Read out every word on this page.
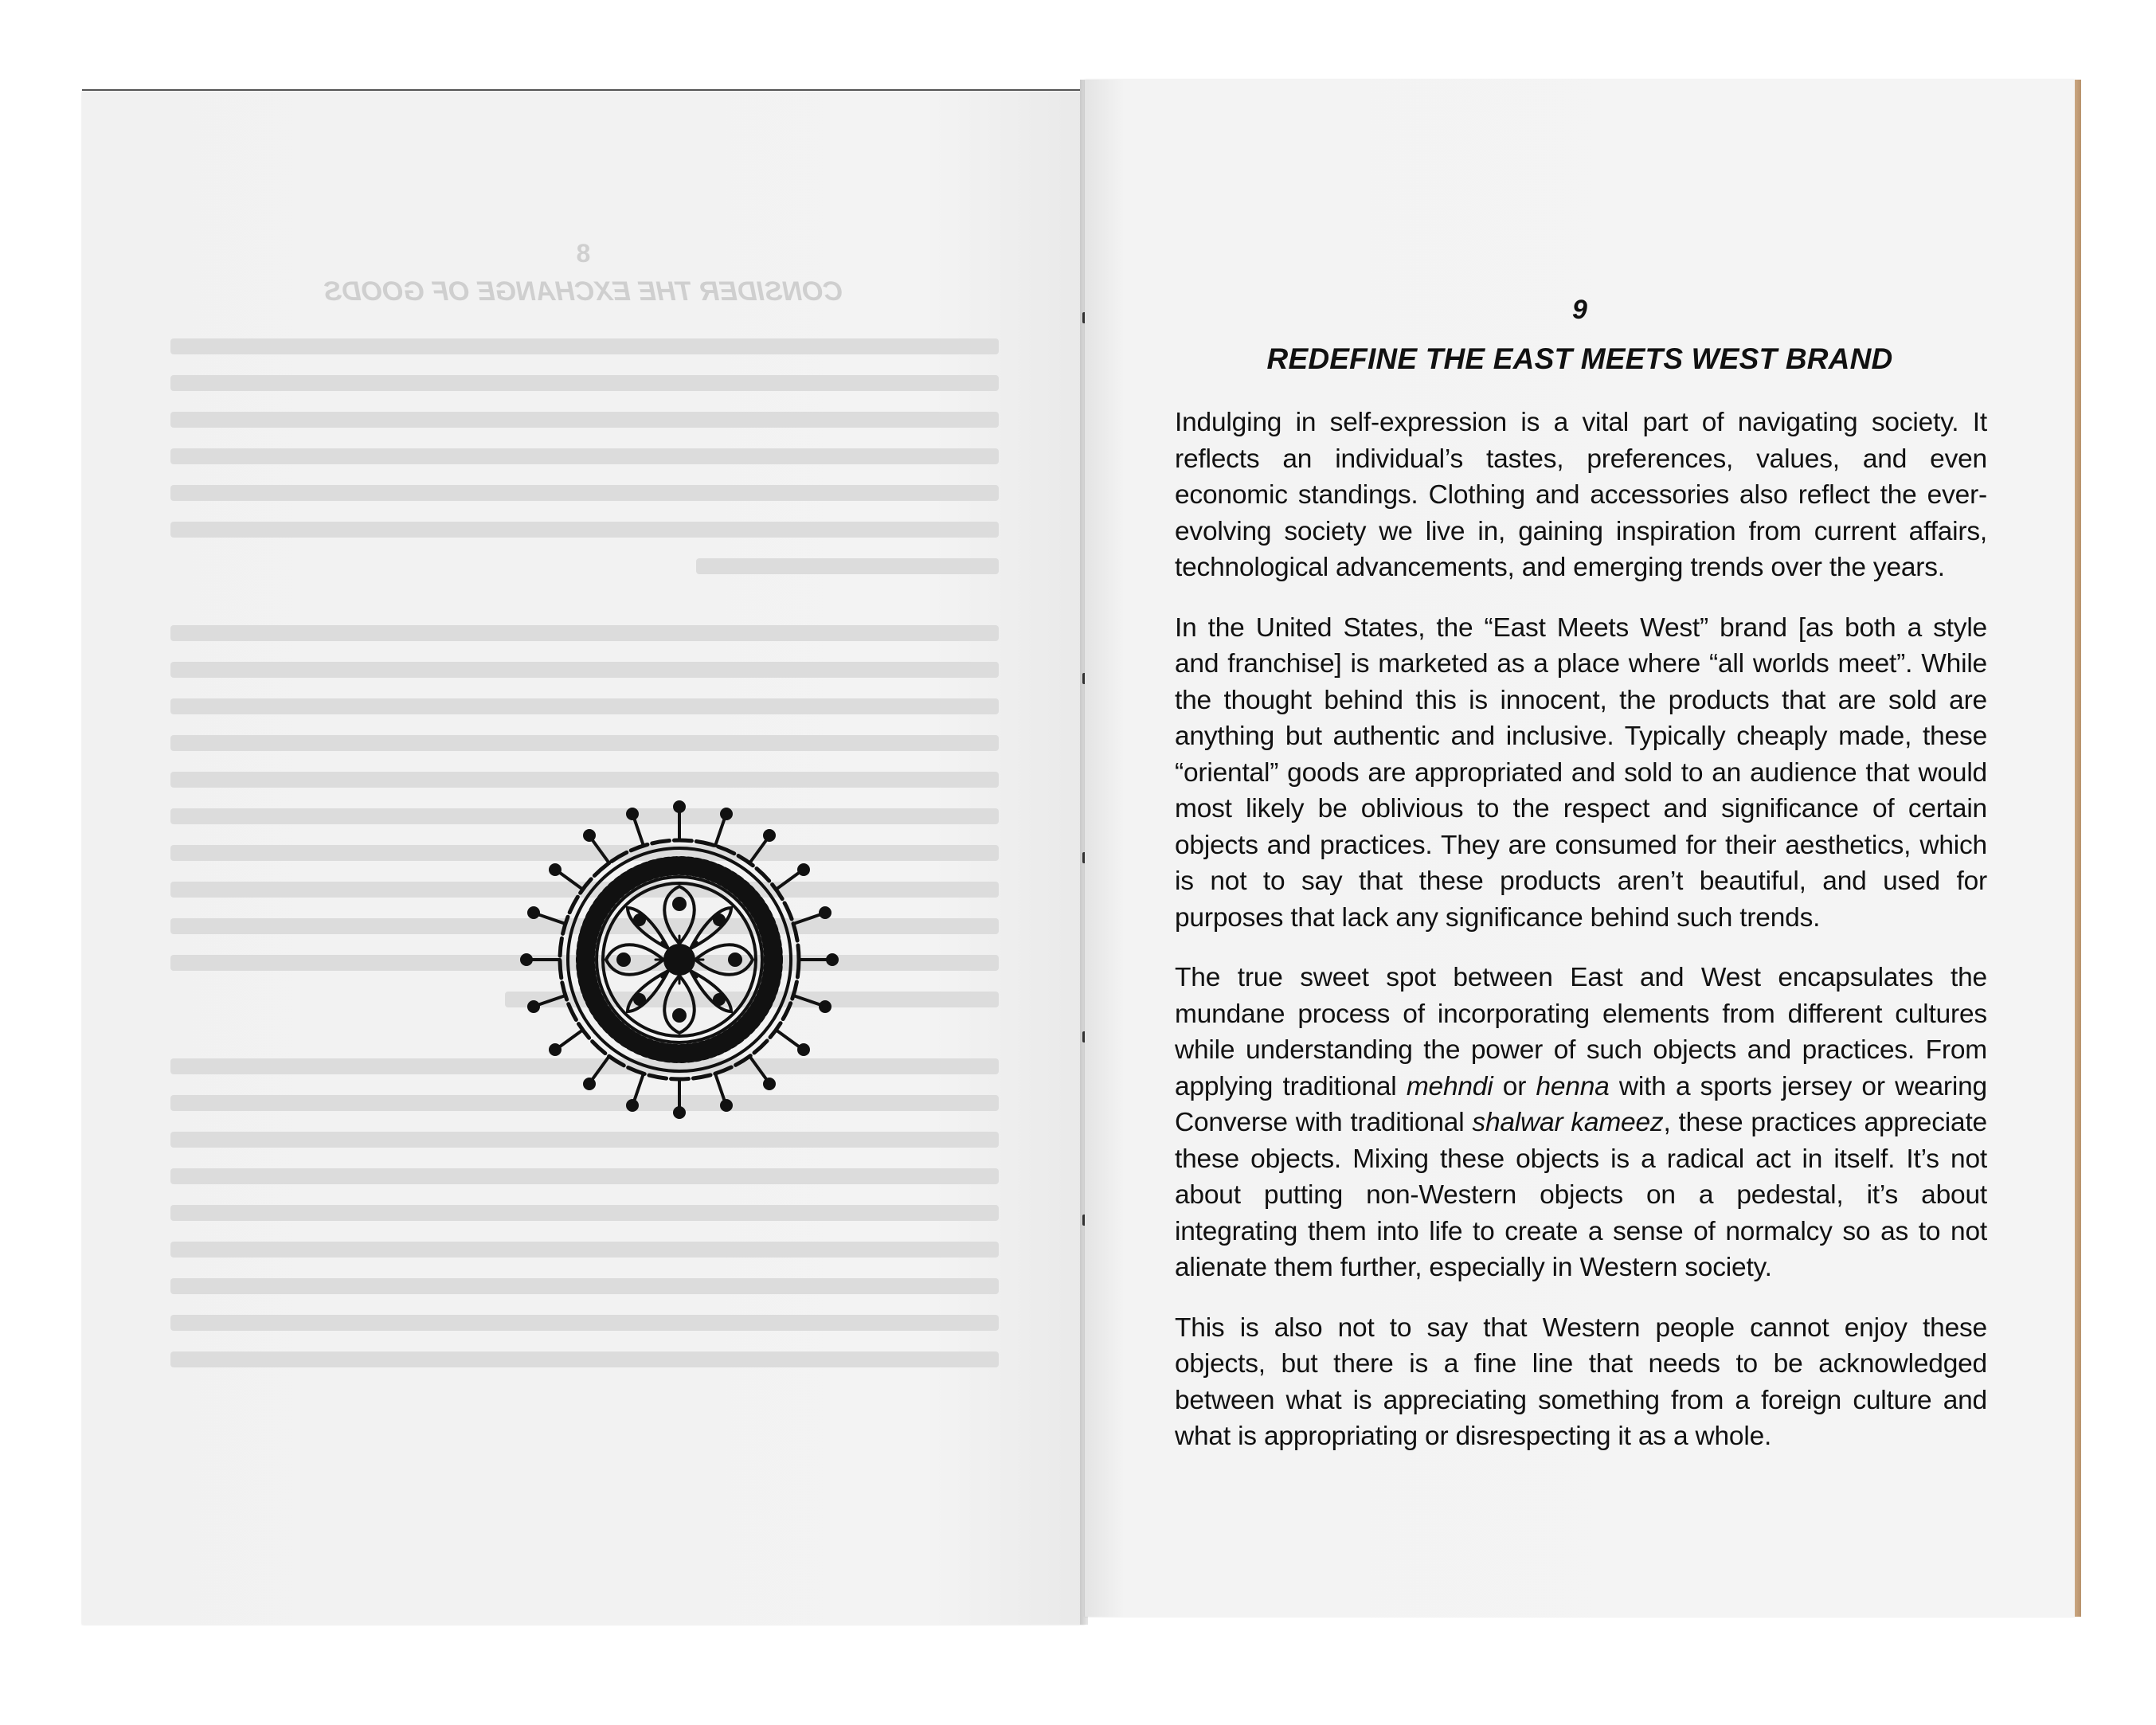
8
CONSIDER THE EXCHANGE OF GOODS
9
REDEFINE THE EAST MEETS WEST BRAND

Indulging in self-expression is a vital part of navigating society. It reflects an individual’s tastes, preferences, values, and even economic standings. Clothing and accessories also reflect the ever-evolving society we live in, gaining inspiration from current affairs, technological advancements, and emerging trends over the years.

In the United States, the “East Meets West” brand [as both a style and franchise] is marketed as a place where “all worlds meet”. While the thought behind this is innocent, the products that are sold are anything but authentic and inclusive. Typically cheaply made, these “oriental” goods are appropriated and sold to an audience that would most likely be oblivious to the respect and significance of certain objects and practices. They are consumed for their aesthetics, which is not to say that these products aren’t beautiful, and used for purposes that lack any significance behind such trends.

The true sweet spot between East and West encapsulates the mundane process of incorporating elements from different cultures while understanding the power of such objects and practices. From applying traditional mehndi or henna with a sports jersey or wearing Converse with traditional shalwar kameez, these practices appreciate these objects. Mixing these objects is a radical act in itself. It’s not about putting non-Western objects on a pedestal, it’s about integrating them into life to create a sense of normalcy so as to not alienate them further, especially in Western society.

This is also not to say that Western people cannot enjoy these objects, but there is a fine line that needs to be acknowledged between what is appreciating something from a foreign culture and what is appropriating or disrespecting it as a whole.
